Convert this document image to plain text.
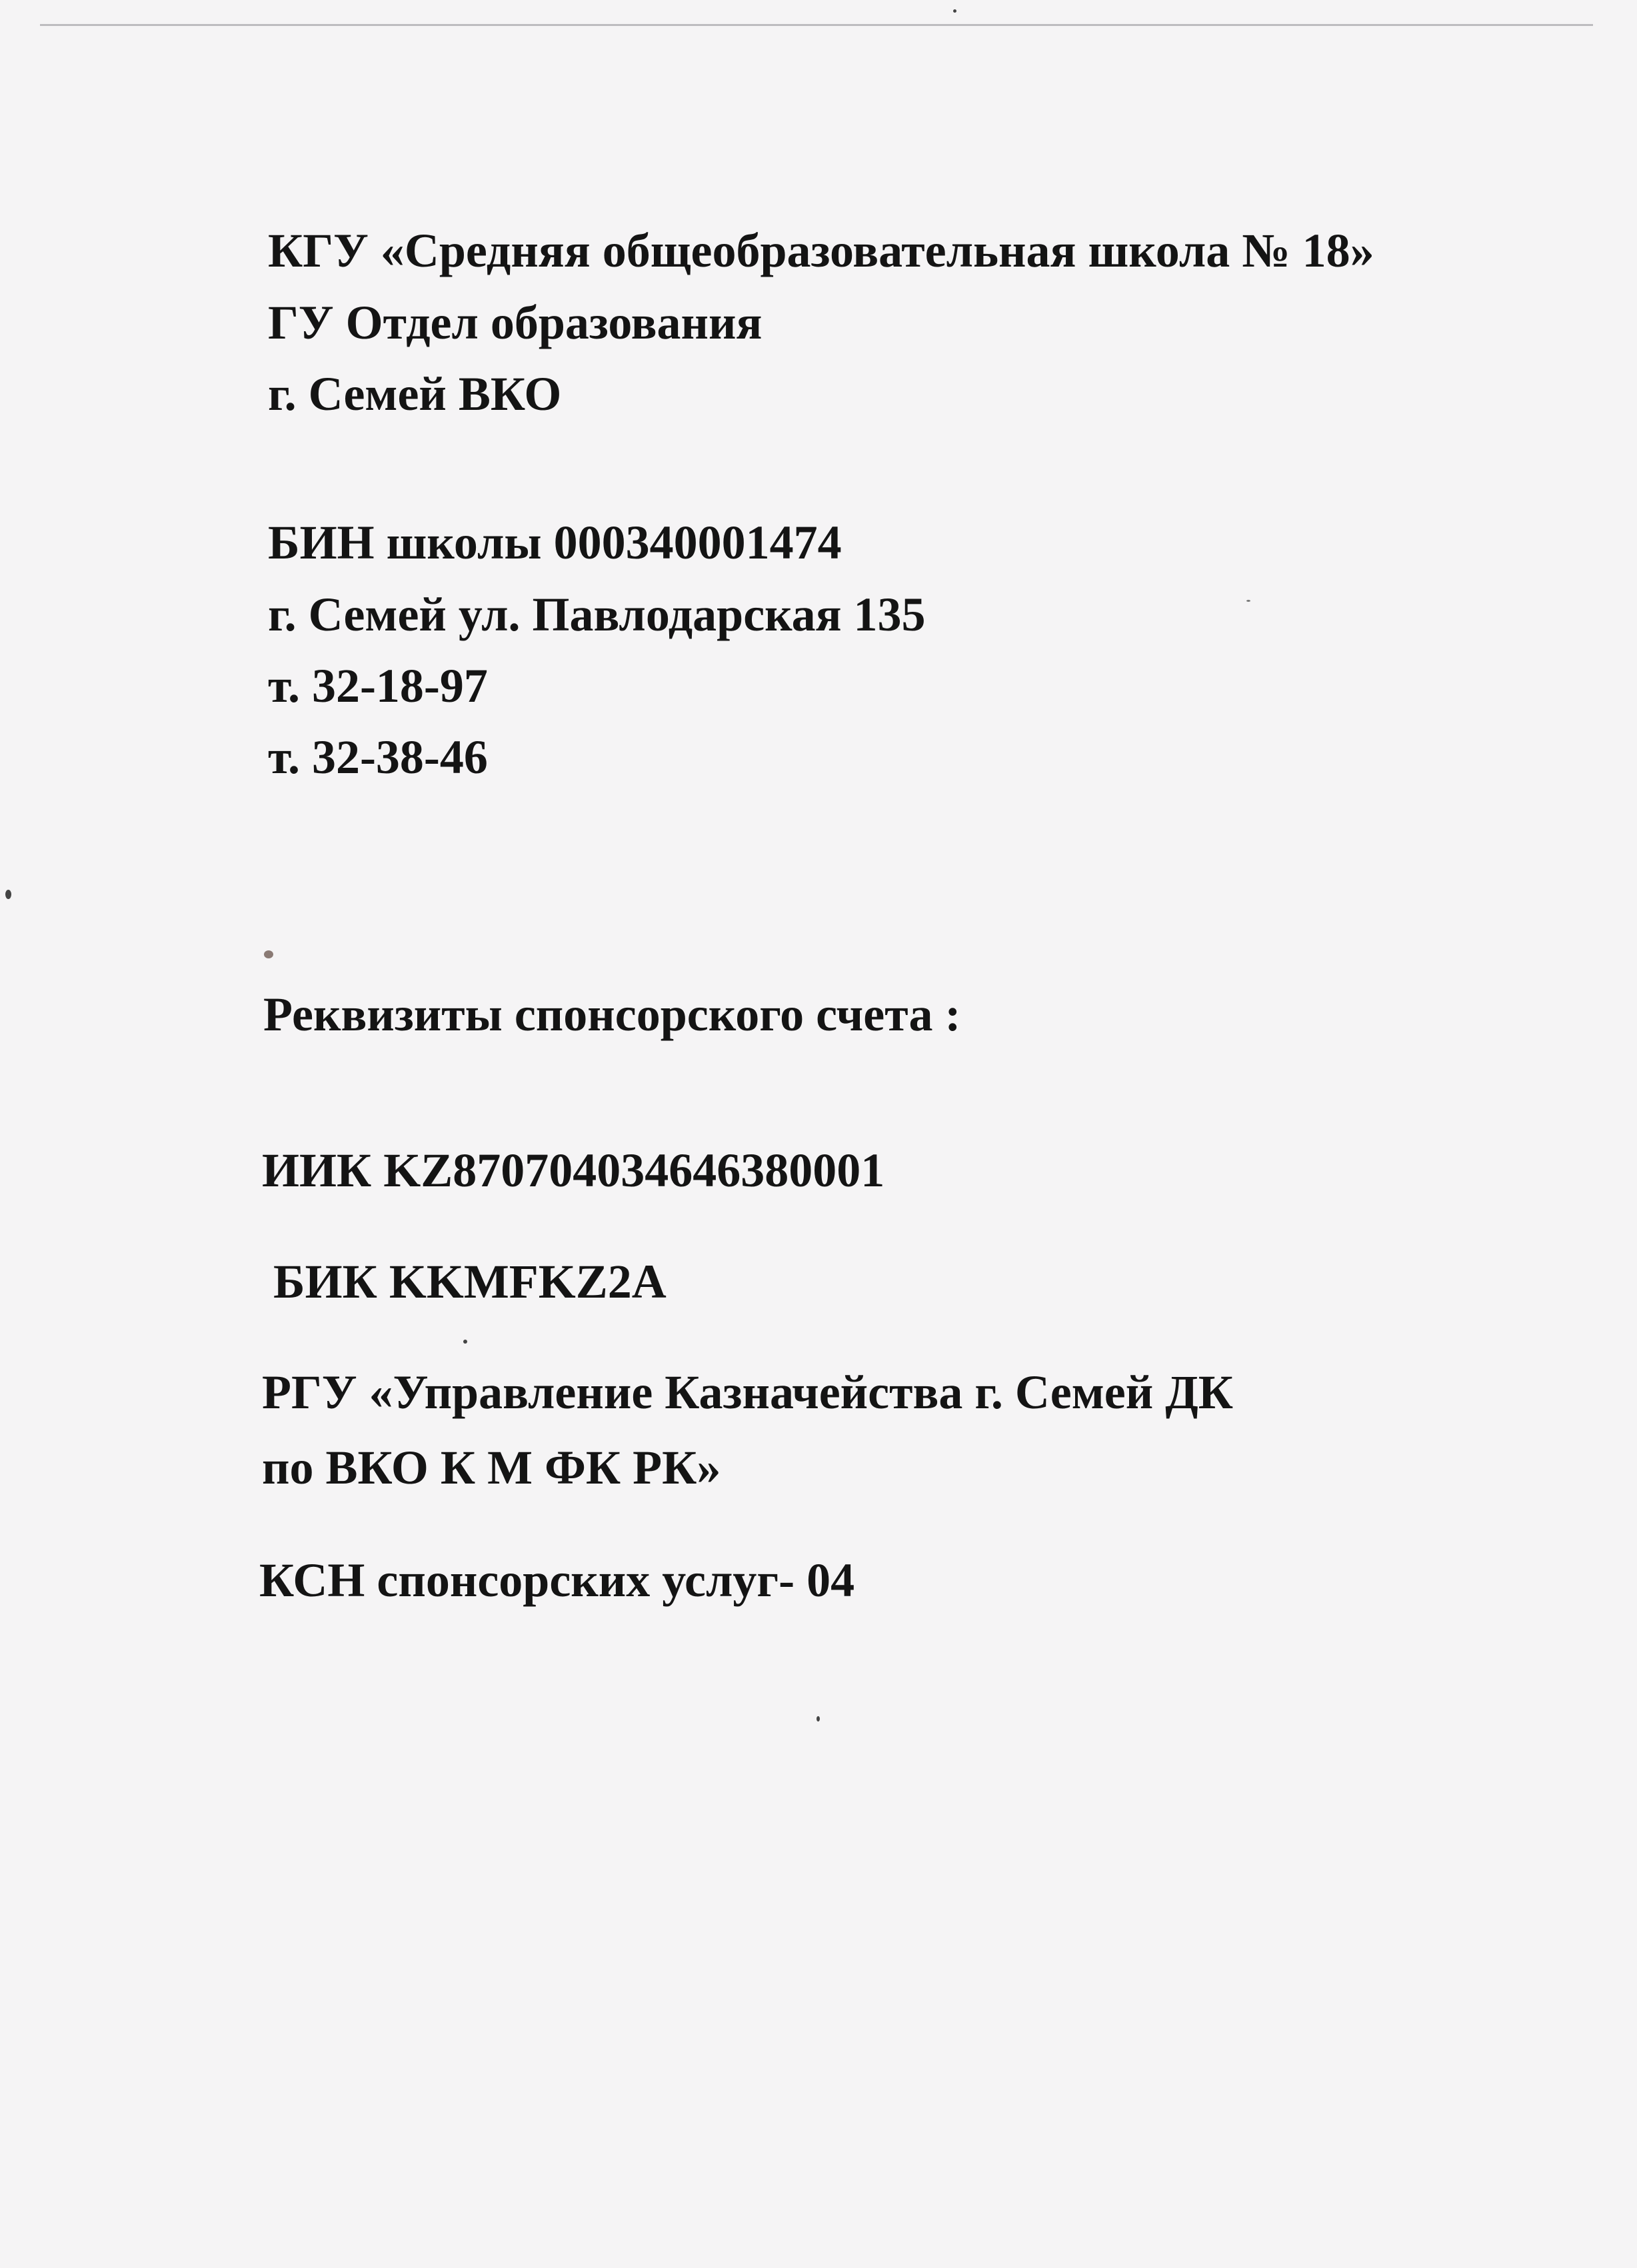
КГУ «Средняя общеобразовательная школа № 18»

ГУ Отдел образования

г. Семей ВКО

БИН школы 000340001474

г. Семей ул. Павлодарская 135

т. 32-18-97

т. 32-38-46

Реквизиты спонсорского счета :

ИИК KZ870704034646380001

БИК KKMFKZ2A

РГУ «Управление Казначейства г. Семей ДК

по ВКО К М ФК РК»

КСН спонсорских услуг- 04
